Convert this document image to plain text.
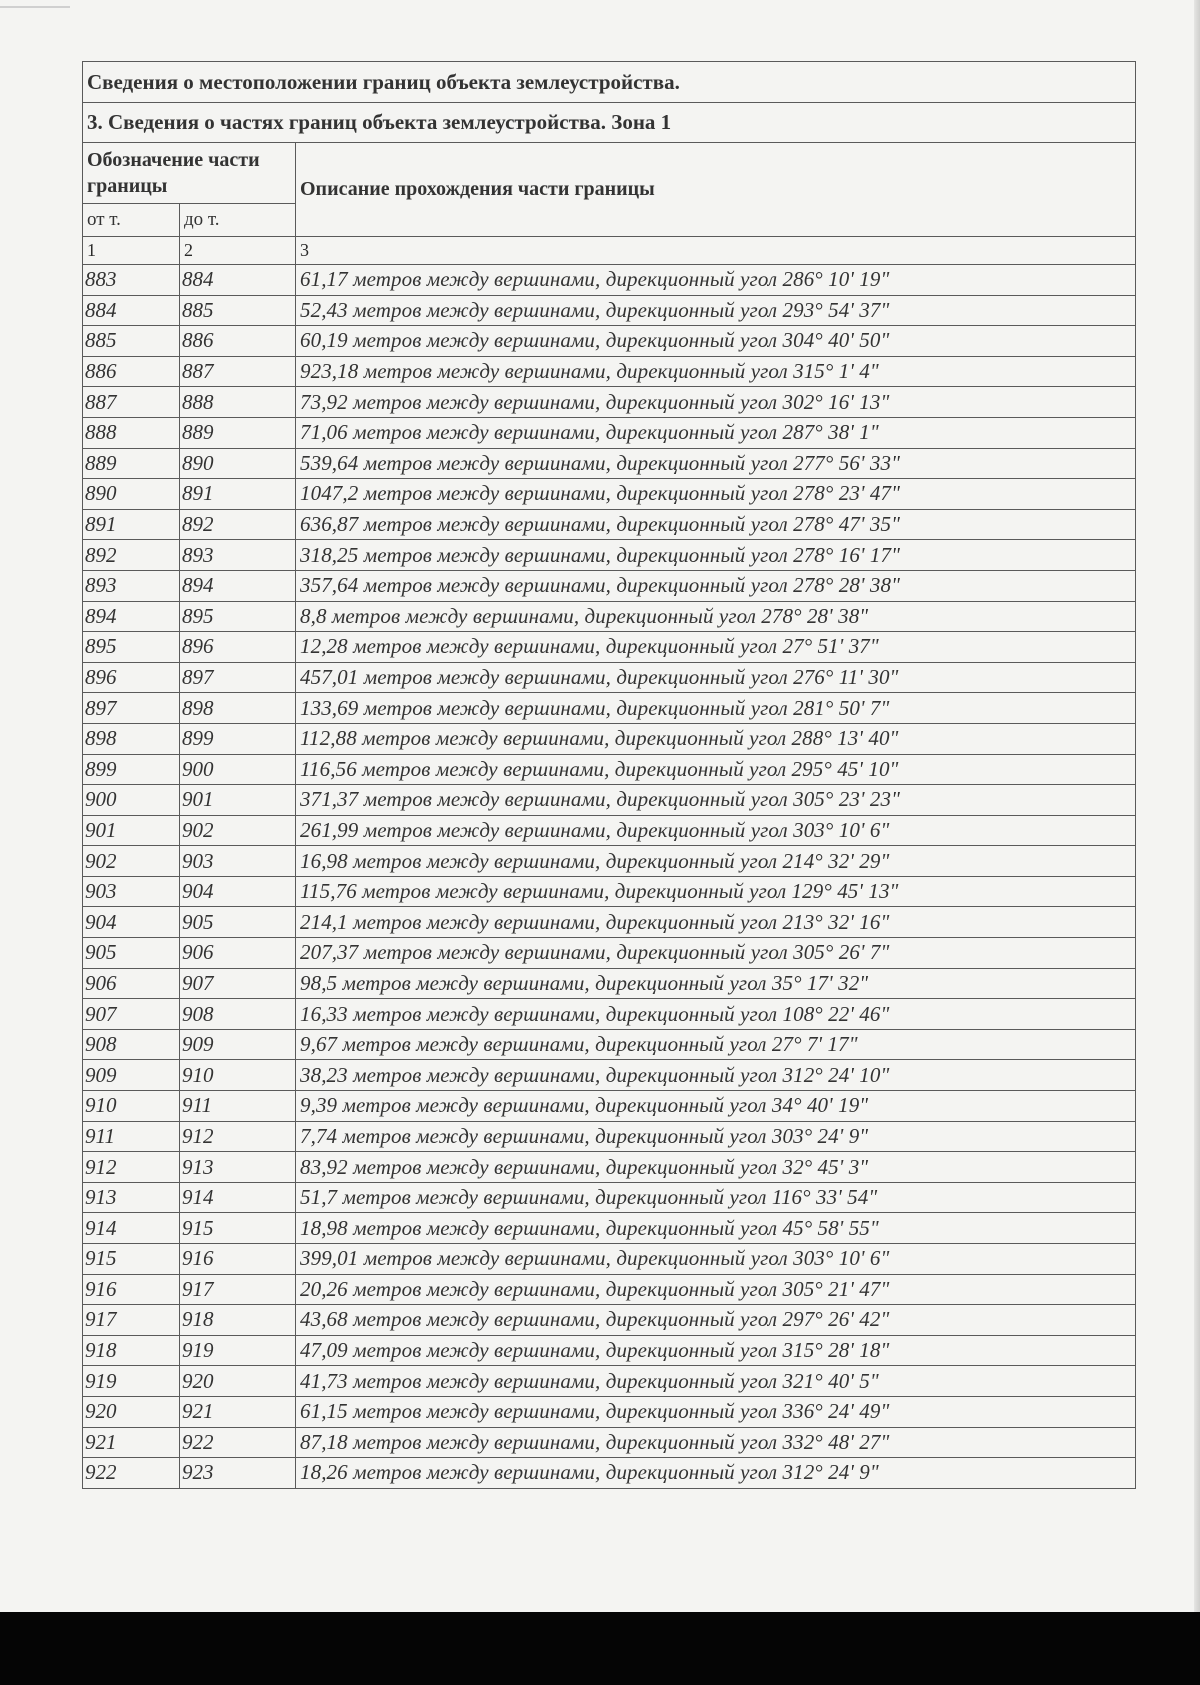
Сведения о местоположении границ объекта землеустройства.		
3. Сведения о частях границ объекта землеустройства. Зона 1		
Обозначение части границы		Описание прохождения части границы
от т.	до т.	
1	2	3
883	884	61,17 метров между вершинами, дирекционный угол 286° 10' 19"
884	885	52,43 метров между вершинами, дирекционный угол 293° 54' 37"
885	886	60,19 метров между вершинами, дирекционный угол 304° 40' 50"
886	887	923,18 метров между вершинами, дирекционный угол 315° 1' 4"
887	888	73,92 метров между вершинами, дирекционный угол 302° 16' 13"
888	889	71,06 метров между вершинами, дирекционный угол 287° 38' 1"
889	890	539,64 метров между вершинами, дирекционный угол 277° 56' 33"
890	891	1047,2 метров между вершинами, дирекционный угол 278° 23' 47"
891	892	636,87 метров между вершинами, дирекционный угол 278° 47' 35"
892	893	318,25 метров между вершинами, дирекционный угол 278° 16' 17"
893	894	357,64 метров между вершинами, дирекционный угол 278° 28' 38"
894	895	8,8 метров между вершинами, дирекционный угол 278° 28' 38"
895	896	12,28 метров между вершинами, дирекционный угол 27° 51' 37"
896	897	457,01 метров между вершинами, дирекционный угол 276° 11' 30"
897	898	133,69 метров между вершинами, дирекционный угол 281° 50' 7"
898	899	112,88 метров между вершинами, дирекционный угол 288° 13' 40"
899	900	116,56 метров между вершинами, дирекционный угол 295° 45' 10"
900	901	371,37 метров между вершинами, дирекционный угол 305° 23' 23"
901	902	261,99 метров между вершинами, дирекционный угол 303° 10' 6"
902	903	16,98 метров между вершинами, дирекционный угол 214° 32' 29"
903	904	115,76 метров между вершинами, дирекционный угол 129° 45' 13"
904	905	214,1 метров между вершинами, дирекционный угол 213° 32' 16"
905	906	207,37 метров между вершинами, дирекционный угол 305° 26' 7"
906	907	98,5 метров между вершинами, дирекционный угол 35° 17' 32"
907	908	16,33 метров между вершинами, дирекционный угол 108° 22' 46"
908	909	9,67 метров между вершинами, дирекционный угол 27° 7' 17"
909	910	38,23 метров между вершинами, дирекционный угол 312° 24' 10"
910	911	9,39 метров между вершинами, дирекционный угол 34° 40' 19"
911	912	7,74 метров между вершинами, дирекционный угол 303° 24' 9"
912	913	83,92 метров между вершинами, дирекционный угол 32° 45' 3"
913	914	51,7 метров между вершинами, дирекционный угол 116° 33' 54"
914	915	18,98 метров между вершинами, дирекционный угол 45° 58' 55"
915	916	399,01 метров между вершинами, дирекционный угол 303° 10' 6"
916	917	20,26 метров между вершинами, дирекционный угол 305° 21' 47"
917	918	43,68 метров между вершинами, дирекционный угол 297° 26' 42"
918	919	47,09 метров между вершинами, дирекционный угол 315° 28' 18"
919	920	41,73 метров между вершинами, дирекционный угол 321° 40' 5"
920	921	61,15 метров между вершинами, дирекционный угол 336° 24' 49"
921	922	87,18 метров между вершинами, дирекционный угол 332° 48' 27"
922	923	18,26 метров между вершинами, дирекционный угол 312° 24' 9"
